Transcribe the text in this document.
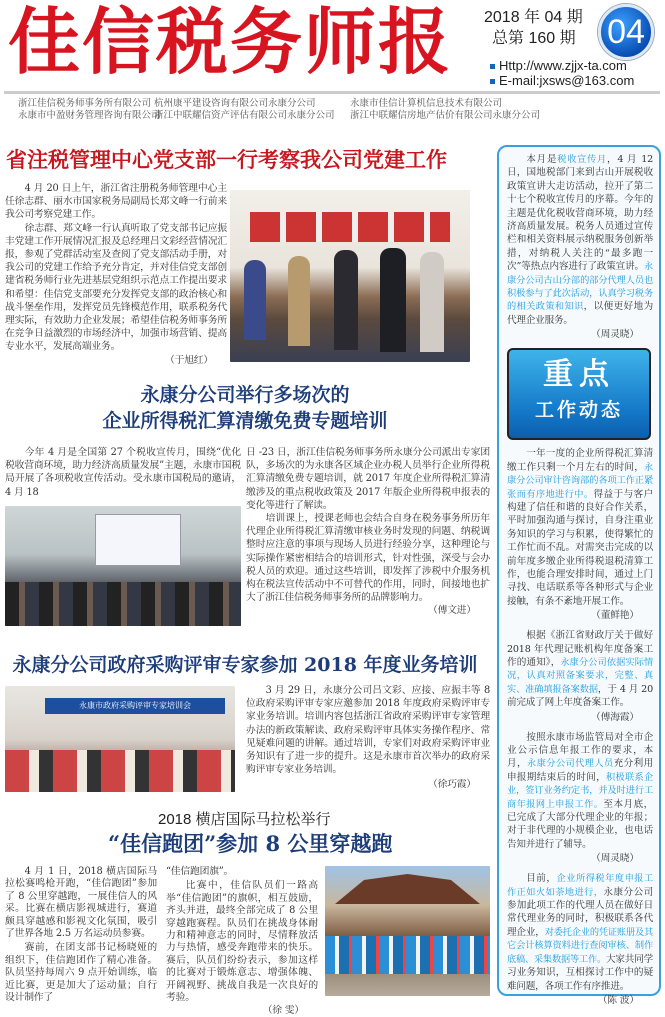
佳信税务师报 2018 年 04 期
总第 160 期 04
Http://www.zjjx-ta.com
E-mail:jxsws@163.com
浙江佳信税务师事务所有限公司
永康市中盈财务管理咨询有限公司
杭州康平建设咨询有限公司永康分公司
浙江中联耀信资产评估有限公司永康分公司
永康市佳信计算机信息技术有限公司
浙江中联耀信房地产估价有限公司永康分公司
省注税管理中心党支部一行考察我公司党建工作

4 月 20 日上午，浙江省注册税务师管理中心主任徐志群、丽水市国家税务局副局长郑文峰一行前来我公司考察党建工作。

徐志群、郑文峰一行认真听取了党支部书记应振丰党建工作开展情况汇报及总经理吕文彩经营情况汇报，参观了党群活动室及查阅了党支部活动手册，对我公司的党建工作给予充分肯定，并对佳信党支部创建省税务师行业先进基层党组织示范点工作提出要求和希望：佳信党支部要充分发挥党支部的政治核心和战斗堡垒作用，发挥党员先锋模范作用，联系税务代理实际，有效助力企业发展；希望佳信税务师事务所在竞争日益激烈的市场经济中，加强市场营销、提高专业水平，发展高端业务。

（于旭红）
永康分公司举行多场次的
企业所得税汇算清缴免费专题培训

今年 4 月是全国第 27 个税收宣传月，围绕“优化税收营商环境，助力经济高质量发展”主题，永康市国税局开展了各项税收宣传活动。受永康市国税局的邀请，4 月 18

日 -23 日，浙江佳信税务师事务所永康分公司派出专家团队，多场次的为永康各区域企业办税人员举行企业所得税汇算清缴免费专题培训，就 2017 年度企业所得税汇算清缴涉及的重点税收政策及 2017 年版企业所得税申报表的变化等进行了解读。

培训课上，授课老师也会结合自身在税务事务所历年代理企业所得税汇算清缴审核业务时发现的问题、纳税调整时应注意的事项与现场人员进行经验分享，这种理论与实际操作紧密相结合的培训形式，针对性强，深受与会办税人员的欢迎。通过这些培训，即发挥了涉税中介服务机构在税法宣传活动中不可替代的作用，同时，间接地也扩大了浙江佳信税务师事务所的品牌影响力。

（傅文进）
永康分公司政府采购评审专家参加 2018 年度业务培训
永康市政府采购评审专家培训会

3 月 29 日，永康分公司吕文彩、应接、应振丰等 8 位政府采购评审专家应邀参加 2018 年度政府采购评审专家业务培训。培训内容包括浙江省政府采购评审专家管理办法的新政策解读、政府采购评审具体实务操作程序、常见疑难问题的讲解。通过培训，专家们对政府采购评审业务知识有了进一步的提升。这是永康市首次举办的政府采购评审专家业务培训。

（徐巧霞）
2018 横店国际马拉松举行
“佳信跑团”参加 8 公里穿越跑

4 月 1 日，2018 横店国际马拉松赛鸣枪开跑，“佳信跑团”参加了 8 公里穿越跑，一展佳信人的风采。比赛在横店影视城进行，赛道颇具穿越感和影视文化氛围，吸引了世界各地 2.5 万名运动员参赛。

赛前，在团支部书记杨晓娅的组织下，佳信跑团作了精心准备。队员坚持每周六 9 点开始训练，临近比赛，更是加大了运动量；自行设计制作了

“佳信跑团旗”。

比赛中，佳信队员们一路高举“佳信跑团”的旗帜，相互鼓励，齐头并进，最终全部完成了 8 公里穿越跑赛程。队员们在挑战身体耐力和精神意志的同时，尽情释放活力与热情，感受奔跑带来的快乐。赛后，队员们纷纷表示，参加这样的比赛对于锻炼意志、增强体魄、开阔视野、挑战自我是一次良好的考验。

（徐 雯）

本月是税收宣传月，4 月 12 日，国地税部门来到古山开展税收政策宣讲大走访活动，拉开了第二十七个税收宣传月的序幕。今年的主题是优化税收营商环境，助力经济高质量发展。税务人员通过宣传栏和相关资料展示纳税服务创新举措，对纳税人关注的“最多跑一次”等热点内容进行了政策宣讲。永康分公司古山分部的部分代理人员也积极参与了此次活动，认真学习税务的相关政策和知识，以便更好地为代理企业服务。

（周灵晓）
重点
工作动态

一年一度的企业所得税汇算清缴工作只剩一个月左右的时间，永康分公司审计咨询部的各项工作正紧张而有序地进行中。得益于与客户构建了信任和谐的良好合作关系，平时加强沟通与探讨，自身注重业务知识的学习与积累，使得繁忙的工作忙而不乱。对需突击完成的以前年度多缴企业所得税退税清算工作，也能合理安排时间，通过上门寻找、电话联系等各种形式与企业接触，有条不紊地开展工作。

（董鲜艳）

根据《浙江省财政厅关于做好 2018 年代理记账机构年度备案工作的通知》，永康分公司依据实际情况，认真对照备案要求，完整、真实、准确填报备案数据，于 4 月 20 前完成了网上年度备案工作。

（傅海霞）

按照永康市场监管局对全市企业公示信息年报工作的要求，本月，永康分公司代理人员充分利用申报期结束后的时间，积极联系企业，签订业务约定书，并及时进行工商年报网上申报工作。至本月底，已完成了大部分代理企业的年报；对于非代理的小规模企业，也电话告知并进行了辅导。

（周灵晓）

目前，企业所得税年度申报工作正如火如荼地进行，永康分公司参加此项工作的代理人员在做好日常代理业务的同时，积极联系各代理企业，对委托企业的凭证账册及其它会计核算资料进行查阅审核、制作底稿、采集数据等工作。大家共同学习业务知识，互相探讨工作中的疑难问题，各项工作有序推进。

（陈 波）
